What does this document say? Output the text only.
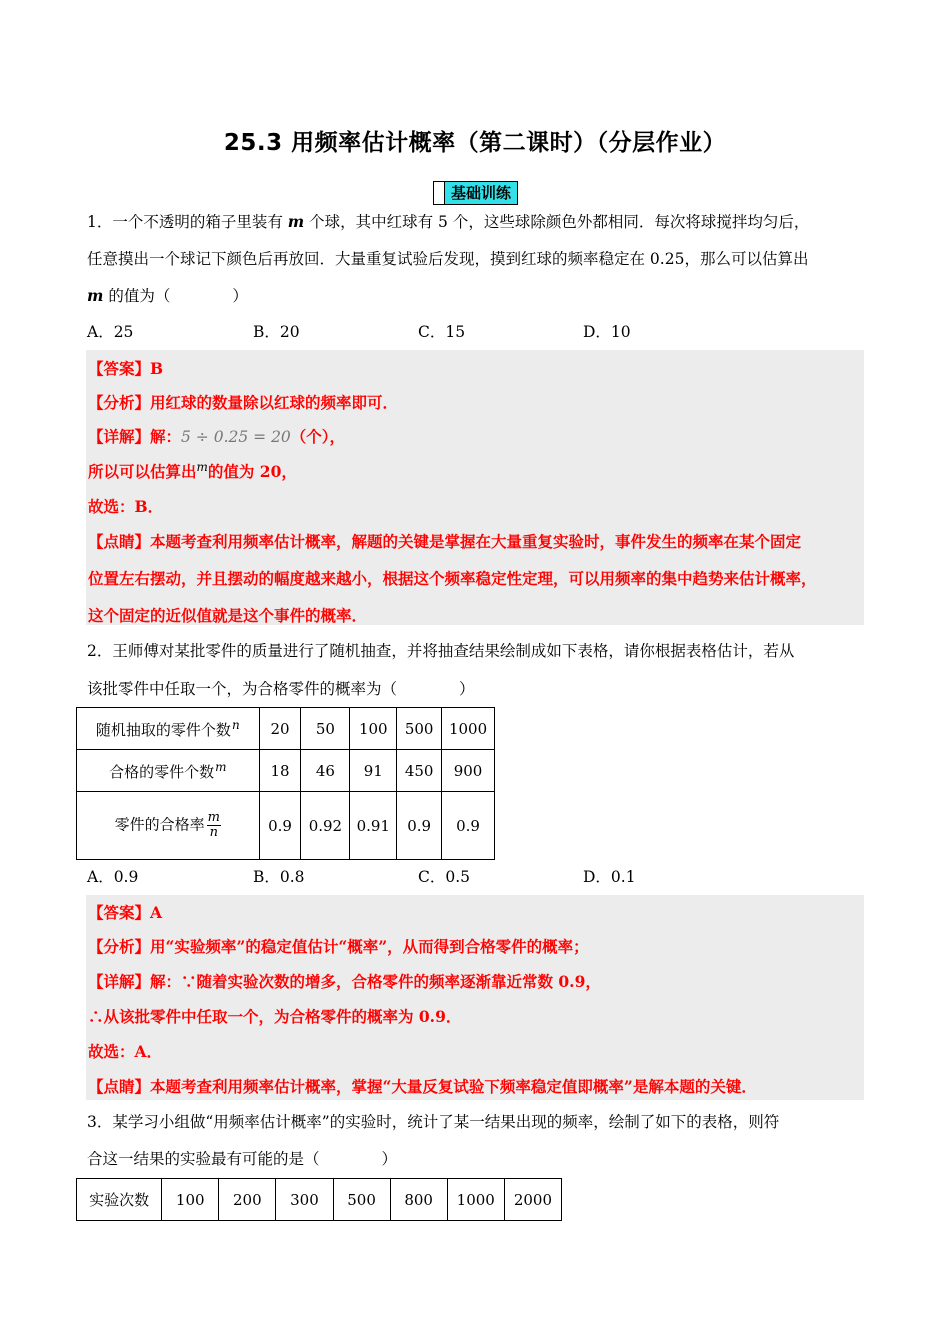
25.3 用频率估计概率（第二课时）（分层作业）
基础训练
1．一个不透明的箱子里装有 m 个球，其中红球有 5 个，这些球除颜色外都相同．每次将球搅拌均匀后，
任意摸出一个球记下颜色后再放回．大量重复试验后发现，摸到红球的频率稳定在 0.25，那么可以估算出
m 的值为（　　　　）
A．25	B．20	C．15	D．10
【答案】B
【分析】用红球的数量除以红球的频率即可．
【详解】解：5 ÷ 0.25 = 20（个），
所以可以估算出$^m$的值为 20，
故选：B．
【点睛】本题考查利用频率估计概率，解题的关键是掌握在大量重复实验时，事件发生的频率在某个固定
位置左右摆动，并且摆动的幅度越来越小，根据这个频率稳定性定理，可以用频率的集中趋势来估计概率，
这个固定的近似值就是这个事件的概率．
2．王师傅对某批零件的质量进行了随机抽查，并将抽查结果绘制成如下表格，请你根据表格估计，若从
该批零件中任取一个，为合格零件的概率为（　　　　）
随机抽取的零件个数$^n$	20	50	100	500	1000
合格的零件个数$^m$	18	46	91	450	900
零件的合格率 $\frac{m}{n}$	0.9	0.92	0.91	0.9	0.9
A．0.9	B．0.8	C．0.5	D．0.1
【答案】A
【分析】用“实验频率”的稳定值估计“概率”，从而得到合格零件的概率；
【详解】解：∵随着实验次数的增多，合格零件的频率逐渐靠近常数 0.9，
∴从该批零件中任取一个，为合格零件的概率为 0.9．
故选：A．
【点睛】本题考查利用频率估计概率，掌握“大量反复试验下频率稳定值即概率”是解本题的关键．
3．某学习小组做“用频率估计概率”的实验时，统计了某一结果出现的频率，绘制了如下的表格，则符
合这一结果的实验最有可能的是（　　　　）
实验次数	100	200	300	500	800	1000	2000
